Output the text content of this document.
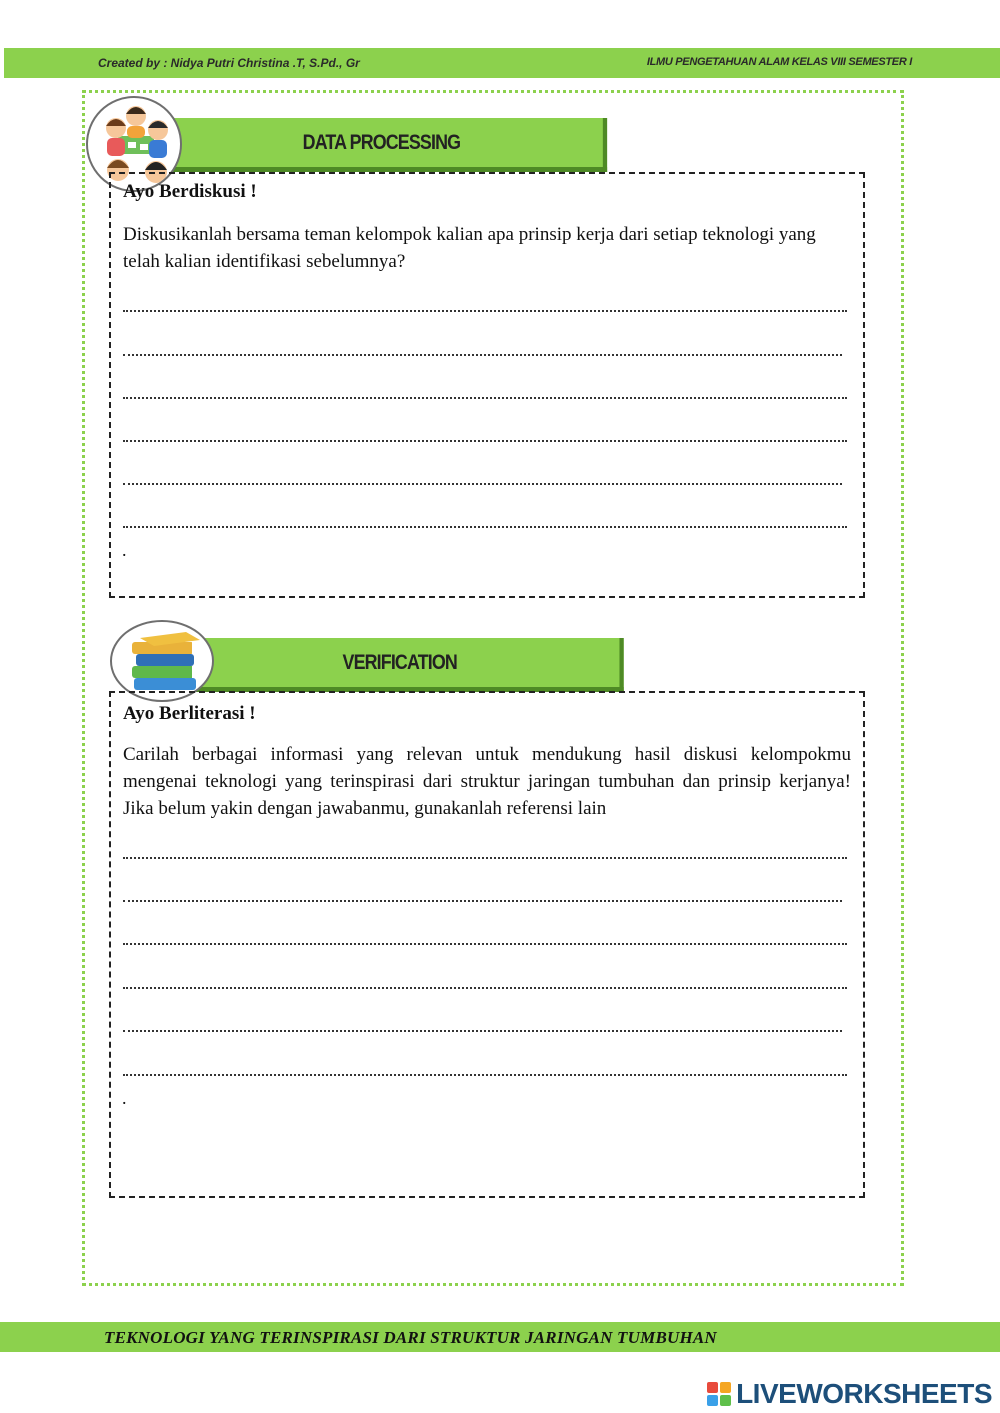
Created by : Nidya Putri Christina .T, S.Pd., Gr	ILMU PENGETAHUAN ALAM KELAS VIII SEMESTER I
DATA PROCESSING
Ayo Berdiskusi !
Diskusikanlah bersama teman kelompok kalian apa prinsip kerja dari setiap teknologi yang telah kalian identifikasi sebelumnya?
.
VERIFICATION
Ayo Berliterasi !
Carilah berbagai informasi yang relevan untuk mendukung hasil diskusi kelompokmu mengenai teknologi yang terinspirasi dari struktur jaringan tumbuhan dan prinsip kerjanya! Jika belum yakin dengan jawabanmu, gunakanlah referensi lain
.
TEKNOLOGI YANG TERINSPIRASI DARI STRUKTUR JARINGAN TUMBUHAN
LIVEWORKSHEETS
